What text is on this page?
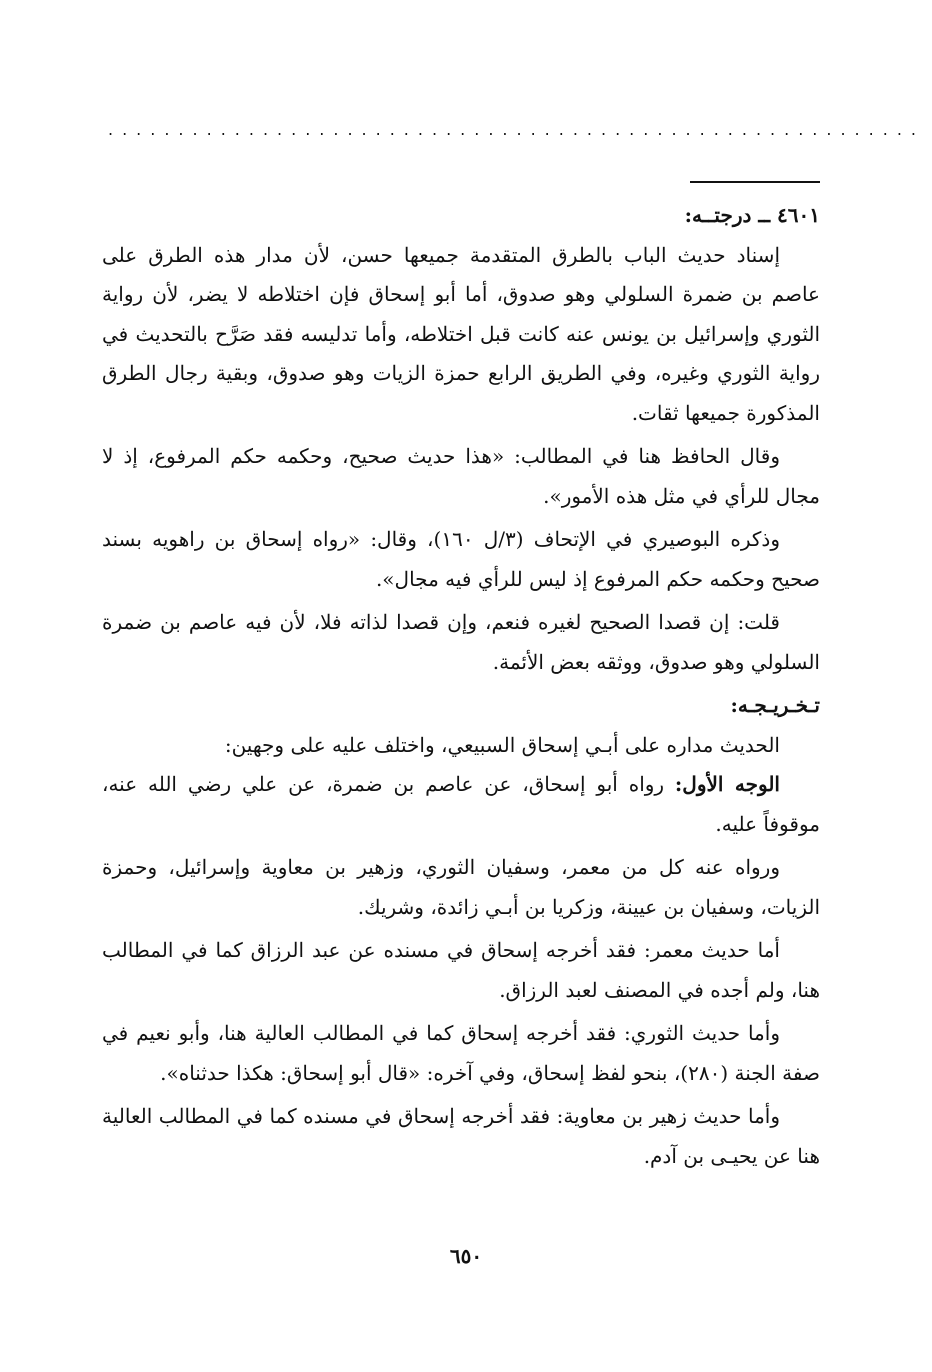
..........................................................

٤٦٠١ ــ درجتــه:

إسناد حديث الباب بالطرق المتقدمة جميعها حسن، لأن مدار هذه الطرق على عاصم بن ضمرة السلولي وهو صدوق، أما أبو إسحاق فإن اختلاطه لا يضر، لأن رواية الثوري وإسرائيل بن يونس عنه كانت قبل اختلاطه، وأما تدليسه فقد صَرَّح بالتحديث في رواية الثوري وغيره، وفي الطريق الرابع حمزة الزيات وهو صدوق، وبقية رجال الطرق المذكورة جميعها ثقات.

وقال الحافظ هنا في المطالب: «هذا حديث صحيح، وحكمه حكم المرفوع، إذ لا مجال للرأي في مثل هذه الأمور».

وذكره البوصيري في الإتحاف (٣/ل ١٦٠)، وقال: «رواه إسحاق بن راهويه بسند صحيح وحكمه حكم المرفوع إذ ليس للرأي فيه مجال».

قلت: إن قصدا الصحيح لغيره فنعم، وإن قصدا لذاته فلا، لأن فيه عاصم بن ضمرة السلولي وهو صدوق، ووثقه بعض الأئمة.

تـخـريـجـه:

الحديث مداره على أبـي إسحاق السبيعي، واختلف عليه على وجهين:

الوجه الأول: رواه أبو إسحاق، عن عاصم بن ضمرة، عن علي رضي الله عنه، موقوفاً عليه.

ورواه عنه كل من معمر، وسفيان الثوري، وزهير بن معاوية وإسرائيل، وحمزة الزيات، وسفيان بن عيينة، وزكريا بن أبـي زائدة، وشريك.

أما حديث معمر: فقد أخرجه إسحاق في مسنده عن عبد الرزاق كما في المطالب هنا، ولم أجده في المصنف لعبد الرزاق.

وأما حديث الثوري: فقد أخرجه إسحاق كما في المطالب العالية هنا، وأبو نعيم في صفة الجنة (٢٨٠)، بنحو لفظ إسحاق، وفي آخره: «قال أبو إسحاق: هكذا حدثناه».

وأما حديث زهير بن معاوية: فقد أخرجه إسحاق في مسنده كما في المطالب العالية هنا عن يحيـى بن آدم.

٦٥٠
